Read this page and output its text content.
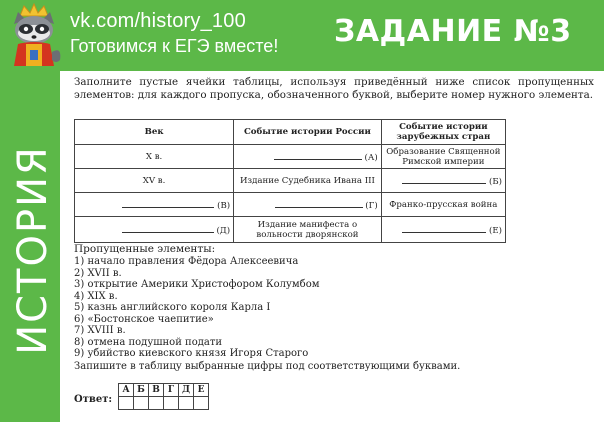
vk.com/history_100
Готовимся к ЕГЭ вместе! ЗАДАНИЕ №3
ИСТОРИЯ
Заполните пустые ячейки таблицы, используя приведённый ниже список пропущенных элементов: для каждого пропуска, обозначенного буквой, выберите номер нужного элемента.
Век	Событие истории России	Событие истории зарубежных стран
X в.	(А)	Образование Священной Римской империи
XV в.	Издание Судебника Ивана III	(Б)
(В)	(Г)	Франко-прусская война
(Д)	Издание манифеста о вольности дворянской	(Е)
Пропущенные элементы:
1) начало правления Фёдора Алексеевича
2) XVII в.
3) открытие Америки Христофором Колумбом
4) XIX в.
5) казнь английского короля Карла I
6) «Бостонское чаепитие»
7) XVIII в.
8) отмена подушной подати
9) убийство киевского князя Игоря Старого
Запишите в таблицу выбранные цифры под соответствующими буквами.
Ответ:
А	Б	В	Г	Д	Е
